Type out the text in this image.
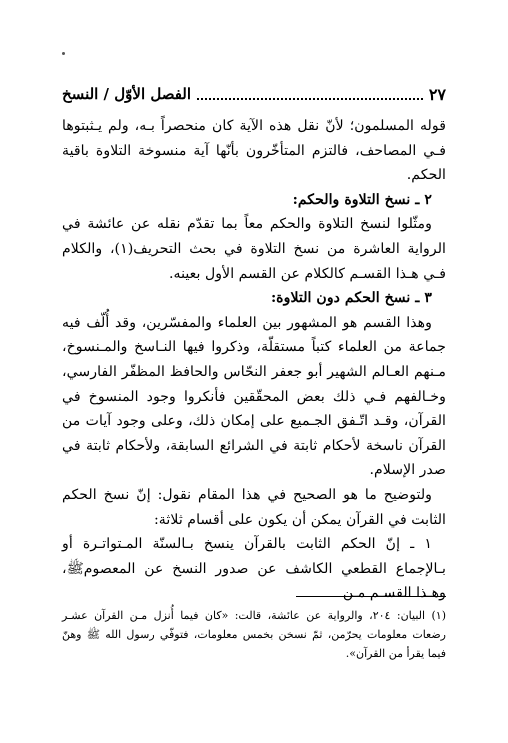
الفصل الأوّل / النسخ	٢٧

قوله المسلمون؛ لأنّ نقل هذه الآية كان منحصراً بـه، ولم يـثبتوها فـي المصاحف، فالتزم المتأخّرون بأنّها آية منسوخة التلاوة باقية الحكم.

٢ ـ نسخ التلاوة والحكم:

ومثّلوا لنسخ التلاوة والحكم معاً بما تقدّم نقله عن عائشة في الرواية العاشرة من نسخ التلاوة في بحث التحريف(١)، والكلام فـي هـذا القسـم كالكلام عن القسم الأول بعينه.

٣ ـ نسخ الحكم دون التلاوة:

وهذا القسم هو المشهور بين العلماء والمفسّرين، وقد أُلّف فيه جماعة من العلماء كتباً مستقلّة، وذكروا فيها النـاسخ والمـنسوخ، مـنهم العـالم الشهير أبو جعفر النحّاس والحافظ المظفّر الفارسي، وخـالفهم فـي ذلك بعض المحقّقين فأنكروا وجود المنسوخ في القرآن، وقـد اتّـفق الجـميع على إمكان ذلك، وعلى وجود آيات من القرآن ناسخة لأحكام ثابتة في الشرائع السابقة، ولأحكام ثابتة في صدر الإسلام.

ولتوضيح ما هو الصحيح في هذا المقام نقول: إنّ نسخ الحكم الثابت في القرآن يمكن أن يكون على أقسام ثلاثة:

١ ـ إنّ الحكم الثابت بالقرآن ينسخ بـالسنّة المـتواتـرة أو بـالإجماع القطعي الكاشف عن صدور النسخ عن المعصومﷺ، وهـذا القسـم مـن

(١) البيان: ٢٠٤، والرواية عن عائشة، قالت: «كان فيما أُنزل مـن القرآن عشـر رضعات معلومات يحرّمن، ثمّ نسخن بخمس معلومات، فتوفّي رسول الله ﷺ وهنّ فيما يقرأ من القرآن».
